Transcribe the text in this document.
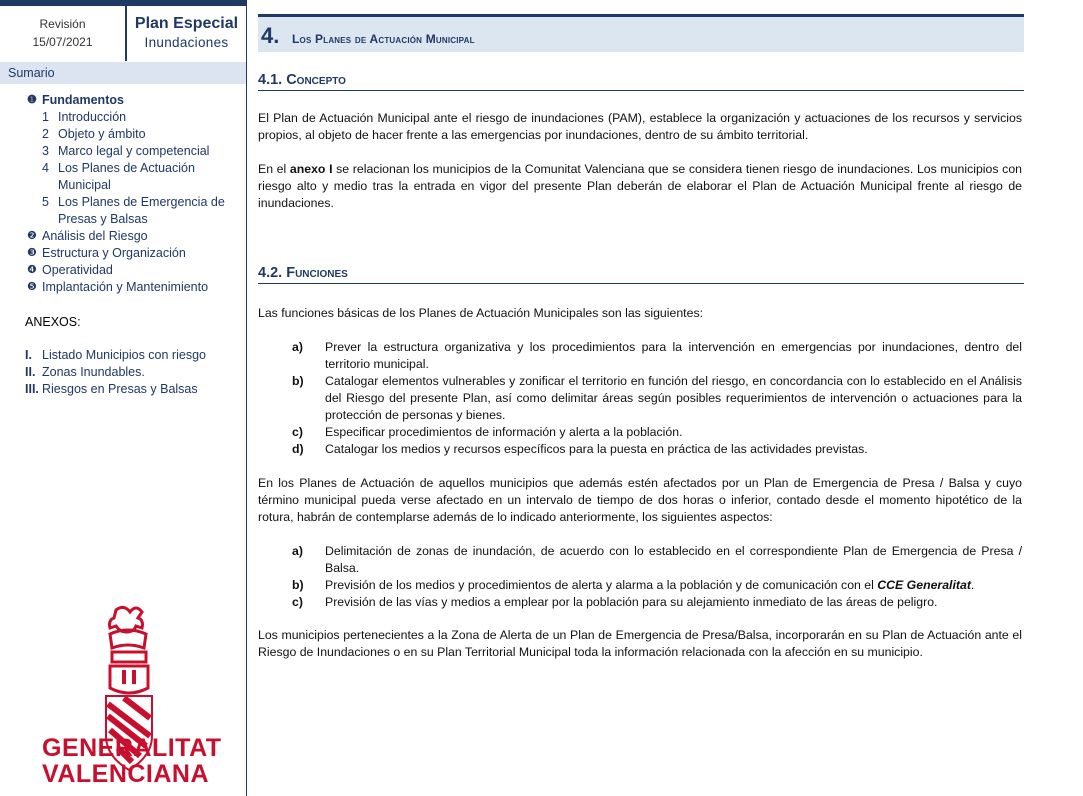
Revisión
15/07/2021
Plan Especial
Inundaciones
Sumario
❶ Fundamentos
1 Introducción
2 Objeto y ámbito
3 Marco legal y competencial
4 Los Planes de Actuación Municipal
5 Los Planes de Emergencia de Presas y Balsas
❷ Análisis del Riesgo
❸ Estructura y Organización
❹ Operatividad
❺ Implantación y Mantenimiento
ANEXOS:
I. Listado Municipios con riesgo
II. Zonas Inundables.
III. Riesgos en Presas y Balsas
GENERALITAT
VALENCIANA
4. Los Planes de Actuación Municipal
4.1. Concepto
El Plan de Actuación Municipal ante el riesgo de inundaciones (PAM), establece la organización y actuaciones de los recursos y servicios propios, al objeto de hacer frente a las emergencias por inundaciones, dentro de su ámbito territorial.
En el anexo I se relacionan los municipios de la Comunitat Valenciana que se considera tienen riesgo de inundaciones. Los municipios con riesgo alto y medio tras la entrada en vigor del presente Plan deberán de elaborar el Plan de Actuación Municipal frente al riesgo de inundaciones.
4.2. Funciones
Las funciones básicas de los Planes de Actuación Municipales son las siguientes:
a)	Prever la estructura organizativa y los procedimientos para la intervención en emergencias por inundaciones, dentro del territorio municipal.
b)	Catalogar elementos vulnerables y zonificar el territorio en función del riesgo, en concordancia con lo establecido en el Análisis del Riesgo del presente Plan, así como delimitar áreas según posibles requerimientos de intervención o actuaciones para la protección de personas y bienes.
c)	Especificar procedimientos de información y alerta a la población.
d)	Catalogar los medios y recursos específicos para la puesta en práctica de las actividades previstas.
En los Planes de Actuación de aquellos municipios que además estén afectados por un Plan de Emergencia de Presa / Balsa y cuyo término municipal pueda verse afectado en un intervalo de tiempo de dos horas o inferior, contado desde el momento hipotético de la rotura, habrán de contemplarse además de lo indicado anteriormente, los siguientes aspectos:
a)	Delimitación de zonas de inundación, de acuerdo con lo establecido en el correspondiente Plan de Emergencia de Presa / Balsa.
b)	Previsión de los medios y procedimientos de alerta y alarma a la población y de comunicación con el CCE Generalitat.
c)	Previsión de las vías y medios a emplear por la población para su alejamiento inmediato de las áreas de peligro.
Los municipios pertenecientes a la Zona de Alerta de un Plan de Emergencia de Presa/Balsa, incorporarán en su Plan de Actuación ante el Riesgo de Inundaciones o en su Plan Territorial Municipal toda la información relacionada con la afección en su municipio.
